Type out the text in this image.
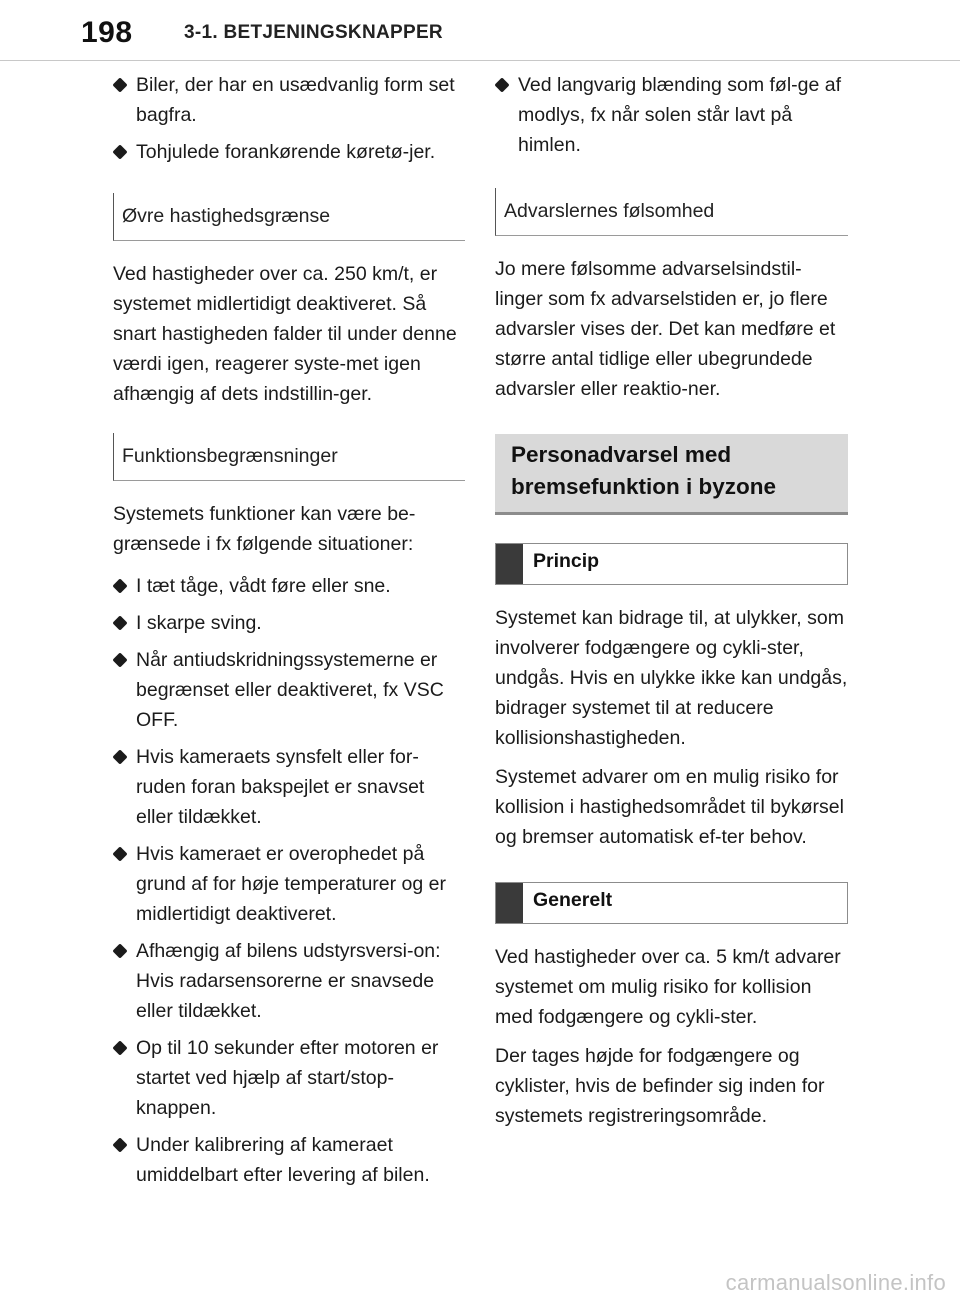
198	3-1. BETJENINGSKNAPPER
Biler, der har en usædvanlig form set bagfra.
Tohjulede forankørende køretø-jer.
Øvre hastighedsgrænse

Ved hastigheder over ca. 250 km/t, er systemet midlertidigt deaktiveret. Så snart hastigheden falder til under denne værdi igen, reagerer syste-met igen afhængig af dets indstillin-ger.

Funktionsbegrænsninger

Systemets funktioner kan være be-grænsede i fx følgende situationer:

I tæt tåge, vådt føre eller sne.
I skarpe sving.
Når antiudskridningssystemerne er begrænset eller deaktiveret, fx VSC OFF.
Hvis kameraets synsfelt eller for-ruden foran bakspejlet er snavset eller tildækket.
Hvis kameraet er overophedet på grund af for høje temperaturer og er midlertidigt deaktiveret.
Afhængig af bilens udstyrsversi-on: Hvis radarsensorerne er snavsede eller tildækket.
Op til 10 sekunder efter motoren er startet ved hjælp af start/stop-knappen.
Under kalibrering af kameraet umiddelbart efter levering af bilen.
Ved langvarig blænding som føl-ge af modlys, fx når solen står lavt på himlen.
Advarslernes følsomhed

Jo mere følsomme advarselsindstil-linger som fx advarselstiden er, jo flere advarsler vises der. Det kan medføre et større antal tidlige eller ubegrundede advarsler eller reaktio-ner.

Personadvarsel med bremsefunktion i byzone
Princip

Systemet kan bidrage til, at ulykker, som involverer fodgængere og cykli-ster, undgås. Hvis en ulykke ikke kan undgås, bidrager systemet til at reducere kollisionshastigheden.

Systemet advarer om en mulig risiko for kollision i hastighedsområdet til bykørsel og bremser automatisk ef-ter behov.

Generelt

Ved hastigheder over ca. 5 km/t advarer systemet om mulig risiko for kollision med fodgængere og cykli-ster.

Der tages højde for fodgængere og cyklister, hvis de befinder sig inden for systemets registreringsområde.

carmanualsonline.info
